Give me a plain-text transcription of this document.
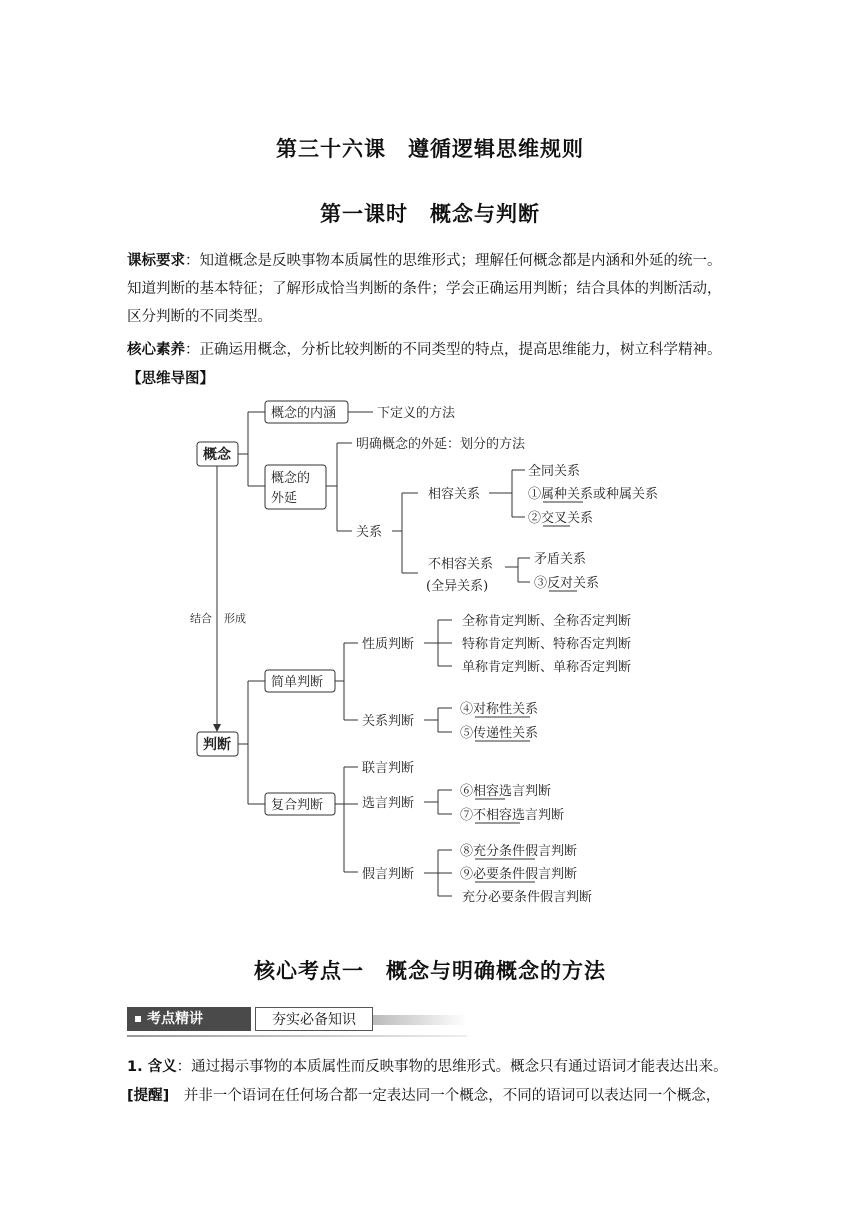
第三十六课　遵循逻辑思维规则
第一课时　概念与判断
课标要求：知道概念是反映事物本质属性的思维形式；理解任何概念都是内涵和外延的统一。
知道判断的基本特征；了解形成恰当判断的条件；学会正确运用判断；结合具体的判断活动，
区分判断的不同类型。
核心素养：正确运用概念，分析比较判断的不同类型的特点，提高思维能力，树立科学精神。
【思维导图】
概念
判断
结合 形成
概念的内涵	下定义的方法
概念的
外延
明确概念的外延：划分的方法
关系
相容关系
全同关系
①属种关系或种属关系
②交叉关系
不相容关系
(全异关系)
矛盾关系
③反对关系
简单判断
性质判断
全称肯定判断、全称否定判断
特称肯定判断、特称否定判断
单称肯定判断、单称否定判断
关系判断
④对称性关系
⑤传递性关系
复合判断
联言判断
选言判断
⑥相容选言判断
⑦不相容选言判断
假言判断
⑧充分条件假言判断
⑨必要条件假言判断
充分必要条件假言判断
核心考点一　概念与明确概念的方法
考点精讲	夯实必备知识
1. 含义：通过揭示事物的本质属性而反映事物的思维形式。概念只有通过语词才能表达出来。
[提醒]　并非一个语词在任何场合都一定表达同一个概念，不同的语词可以表达同一个概念，
